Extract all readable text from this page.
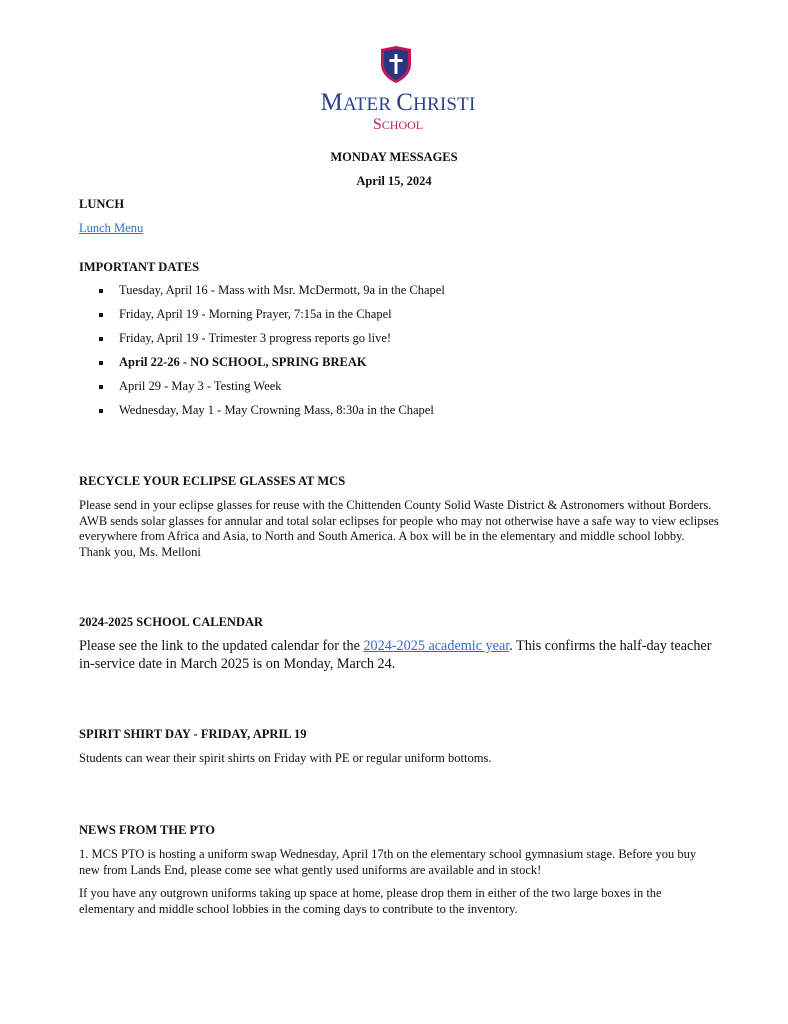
MATER CHRISTI
SCHOOL
MONDAY MESSAGES
April 15, 2024
LUNCH
Lunch Menu
IMPORTANT DATES
Tuesday, April 16 - Mass with Msr. McDermott, 9a in the Chapel
Friday, April 19 - Morning Prayer, 7:15a in the Chapel
Friday, April 19 - Trimester 3 progress reports go live!
April 22-26 - NO SCHOOL, SPRING BREAK
April 29 - May 3 - Testing Week
Wednesday, May 1 - May Crowning Mass, 8:30a in the Chapel
RECYCLE YOUR ECLIPSE GLASSES AT MCS
Please send in your eclipse glasses for reuse with the Chittenden County Solid Waste District & Astronomers without Borders. AWB sends solar glasses for annular and total solar eclipses for people who may not otherwise have a safe way to view eclipses everywhere from Africa and Asia, to North and South America. A box will be in the elementary and middle school lobby. Thank you, Ms. Melloni
2024-2025 SCHOOL CALENDAR
Please see the link to the updated calendar for the 2024-2025 academic year. This confirms the half-day teacher in-service date in March 2025 is on Monday, March 24.
SPIRIT SHIRT DAY - FRIDAY, APRIL 19
Students can wear their spirit shirts on Friday with PE or regular uniform bottoms.
NEWS FROM THE PTO
1. MCS PTO is hosting a uniform swap Wednesday, April 17th on the elementary school gymnasium stage. Before you buy new from Lands End, please come see what gently used uniforms are available and in stock!
If you have any outgrown uniforms taking up space at home, please drop them in either of the two large boxes in the elementary and middle school lobbies in the coming days to contribute to the inventory.
